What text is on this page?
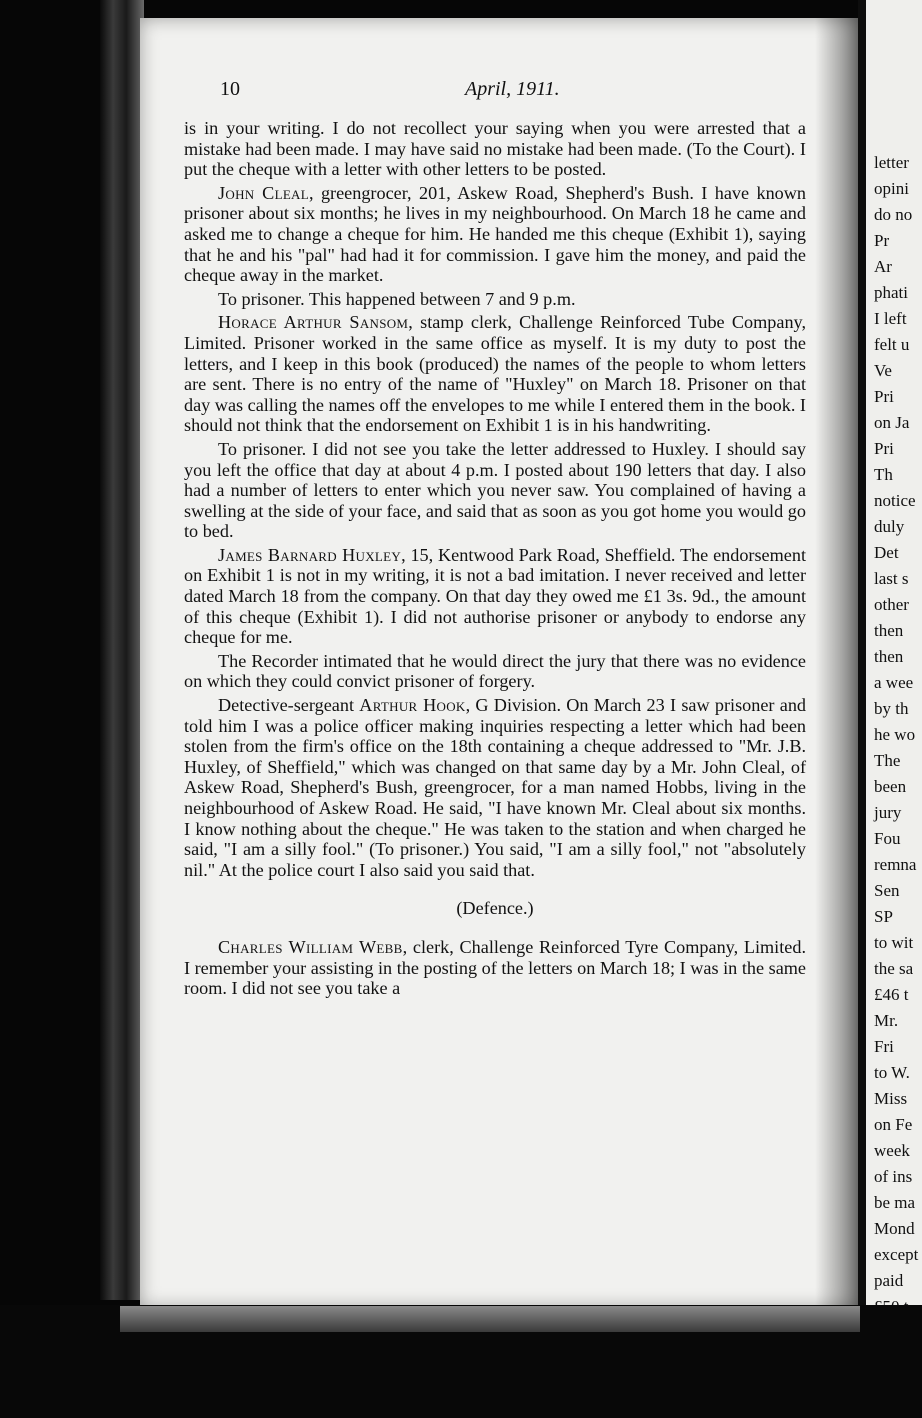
letter
opini
do no
Pr
Ar
phati
I left
felt u
Ve
Pri
on Ja
Pri
Th
notice
duly
Det
last s
other
then
then
a wee
by th
he wo
The
been
jury
Fou
remna
Sen
SP
to wit
the sa
£46 t
Mr.
Fri
to W.
Miss
on Fe
week
of ins
be ma
Mond
except
paid
10	April, 1911.

is in your writing. I do not recollect your saying when you were arrested that a mistake had been made. I may have said no mistake had been made. (To the Court). I put the cheque with a letter with other letters to be posted.

John Cleal, greengrocer, 201, Askew Road, Shepherd's Bush. I have known prisoner about six months; he lives in my neighbourhood. On March 18 he came and asked me to change a cheque for him. He handed me this cheque (Exhibit 1), saying that he and his "pal" had had it for commission. I gave him the money, and paid the cheque away in the market.

To prisoner. This happened between 7 and 9 p.m.

Horace Arthur Sansom, stamp clerk, Challenge Reinforced Tube Company, Limited. Prisoner worked in the same office as myself. It is my duty to post the letters, and I keep in this book (produced) the names of the people to whom letters are sent. There is no entry of the name of "Huxley" on March 18. Prisoner on that day was calling the names off the envelopes to me while I entered them in the book. I should not think that the endorsement on Exhibit 1 is in his handwriting.

To prisoner. I did not see you take the letter addressed to Huxley. I should say you left the office that day at about 4 p.m. I posted about 190 letters that day. I also had a number of letters to enter which you never saw. You complained of having a swelling at the side of your face, and said that as soon as you got home you would go to bed.

James Barnard Huxley, 15, Kentwood Park Road, Sheffield. The endorsement on Exhibit 1 is not in my writing, it is not a bad imitation. I never received and letter dated March 18 from the company. On that day they owed me £1 3s. 9d., the amount of this cheque (Exhibit 1). I did not authorise prisoner or anybody to endorse any cheque for me.

The Recorder intimated that he would direct the jury that there was no evidence on which they could convict prisoner of forgery.

Detective-sergeant Arthur Hook, G Division. On March 23 I saw prisoner and told him I was a police officer making inquiries respecting a letter which had been stolen from the firm's office on the 18th containing a cheque addressed to "Mr. J.B. Huxley, of Sheffield," which was changed on that same day by a Mr. John Cleal, of Askew Road, Shepherd's Bush, greengrocer, for a man named Hobbs, living in the neighbourhood of Askew Road. He said, "I have known Mr. Cleal about six months. I know nothing about the cheque." He was taken to the station and when charged he said, "I am a silly fool." (To prisoner.) You said, "I am a silly fool," not "absolutely nil." At the police court I also said you said that.

(Defence.)

Charles William Webb, clerk, Challenge Reinforced Tyre Company, Limited. I remember your assisting in the posting of the letters on March 18; I was in the same room. I did not see you take a
